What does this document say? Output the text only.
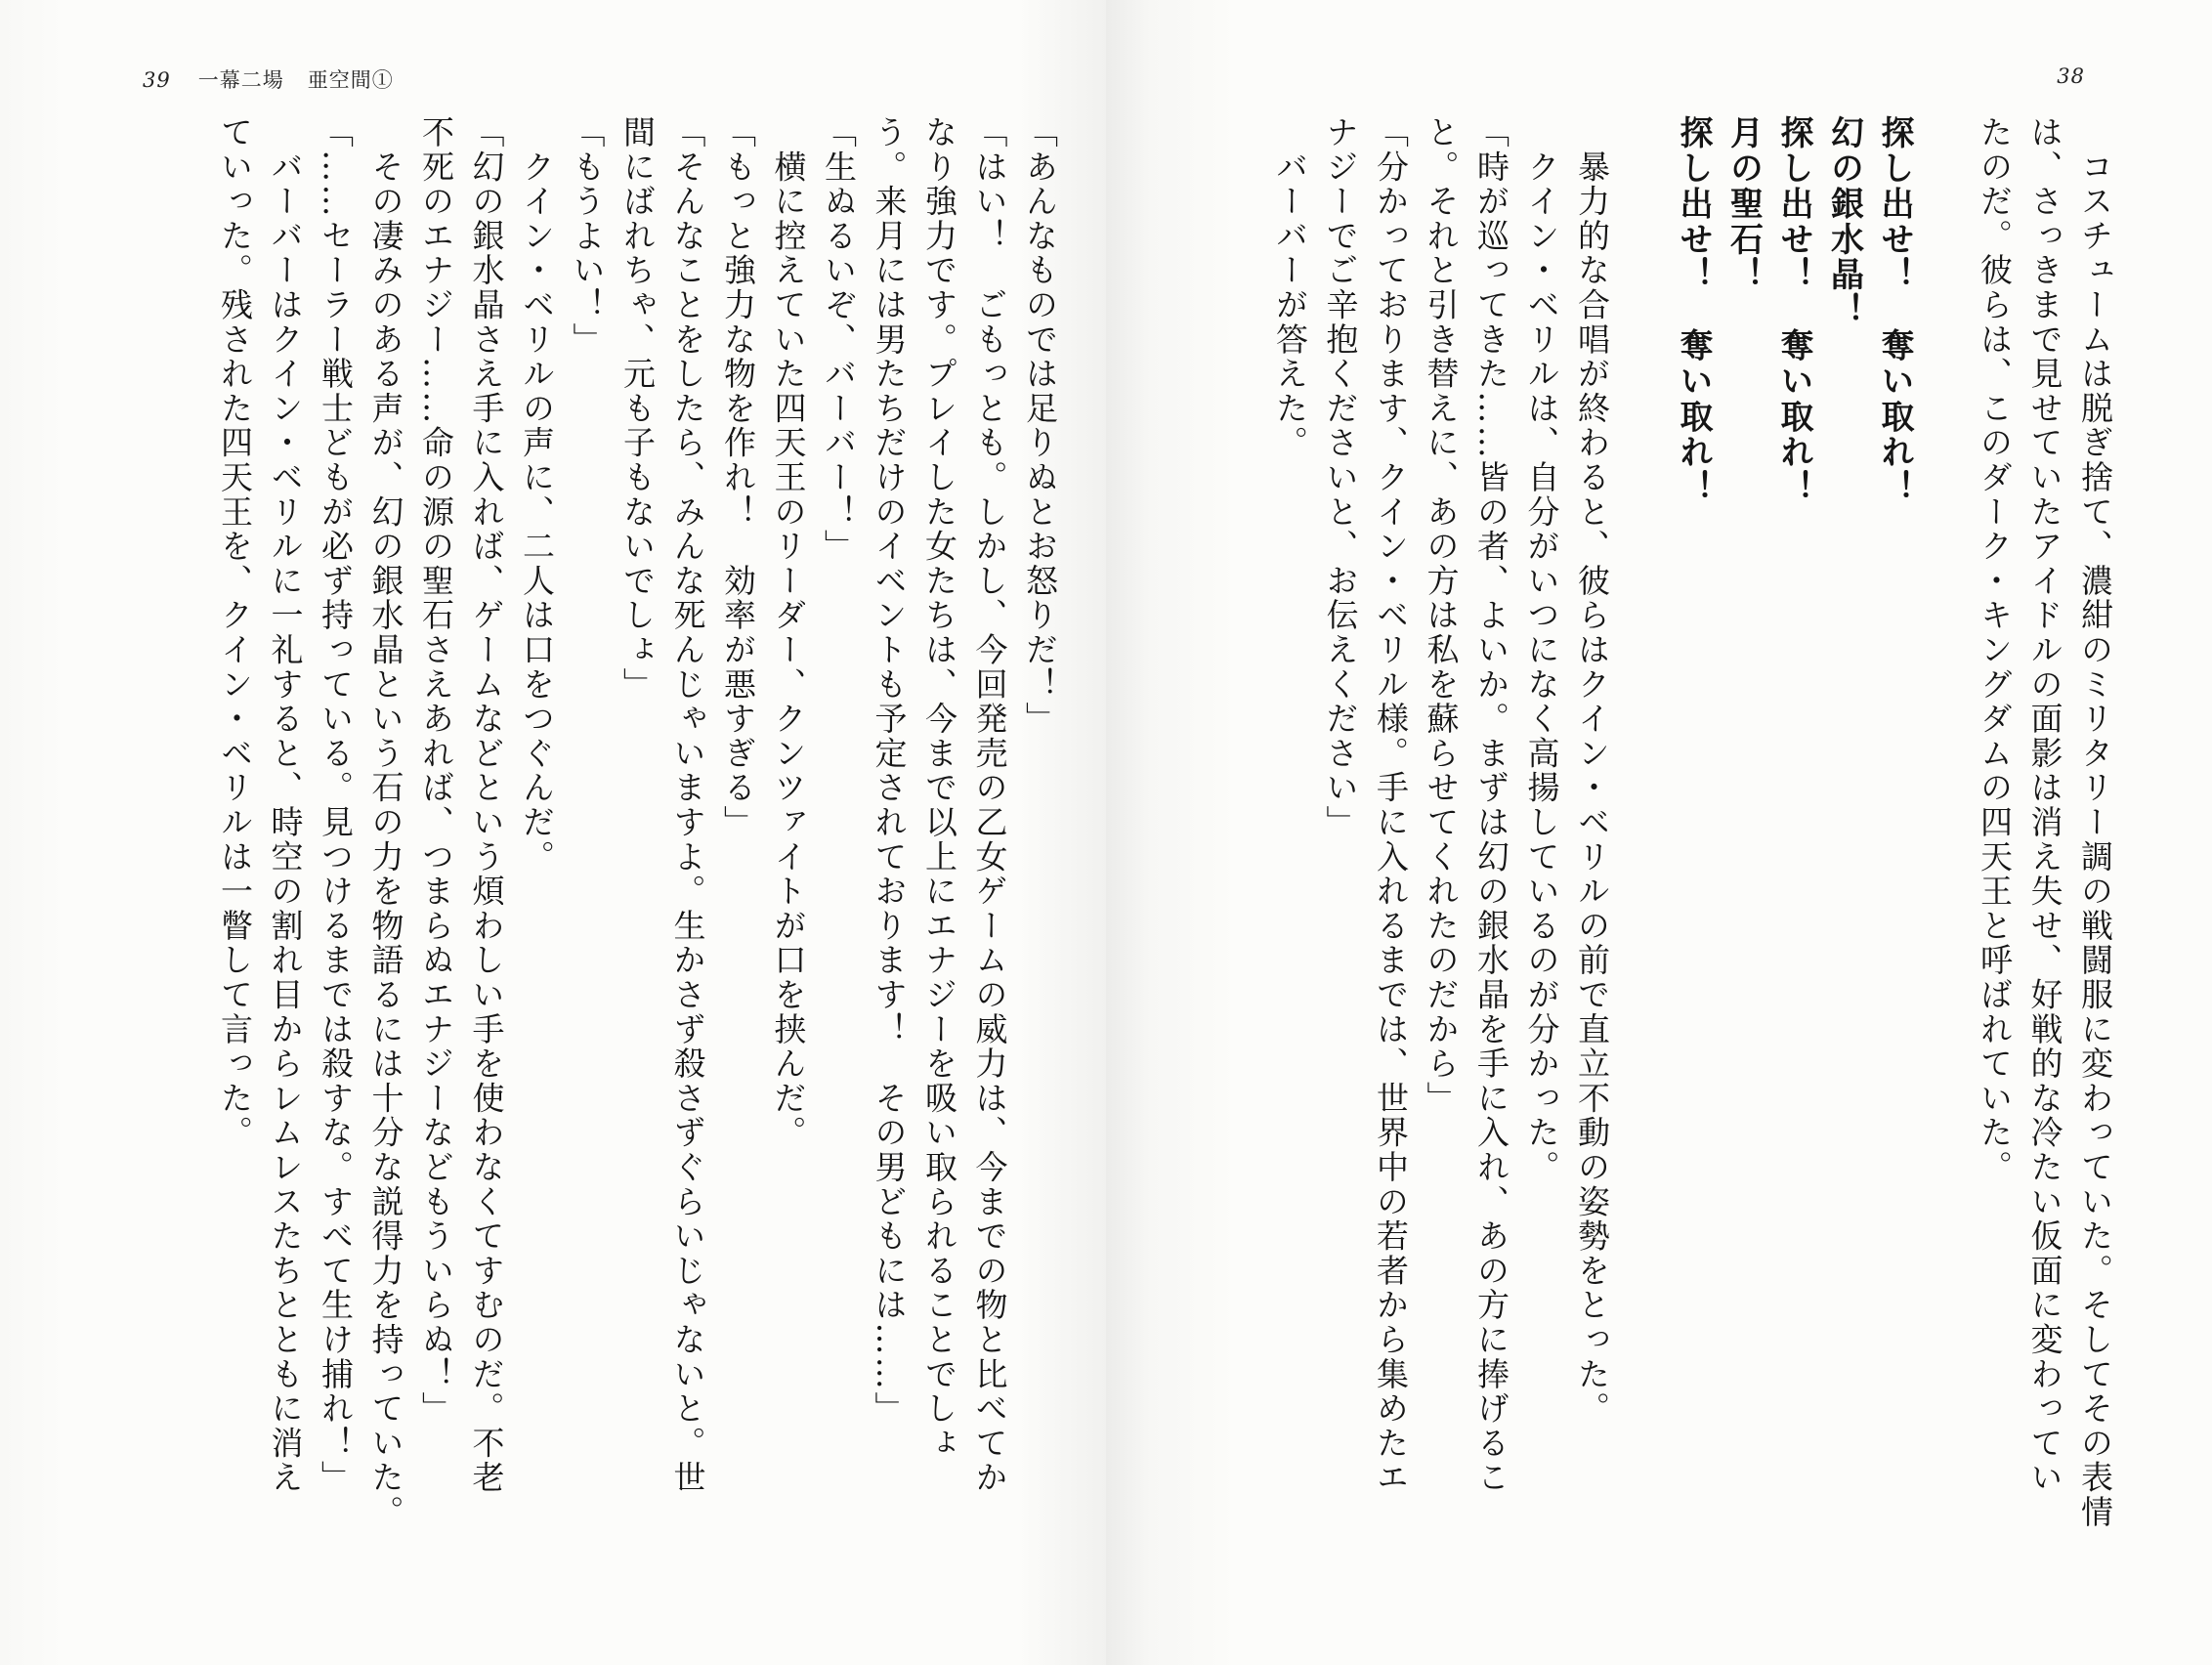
39 一幕二場 亜空間①
「あんなものでは足りぬとお怒りだ！」
「はい！　ごもっとも。しかし、今回発売の乙女ゲームの威力は、今までの物と比べてか
なり強力です。プレイした女たちは、今まで以上にエナジーを吸い取られることでしょ
う。来月には男たちだけのイベントも予定されております！　その男どもには……」
「生ぬるいぞ、バーバー！」
　横に控えていた四天王のリーダー、クンツァイトが口を挟んだ。
「もっと強力な物を作れ！　効率が悪すぎる」
「そんなことをしたら、みんな死んじゃいますよ。生かさず殺さずぐらいじゃないと。世
間にばれちゃ、元も子もないでしょ」
「もうよい！」
　クイン・ベリルの声に、二人は口をつぐんだ。
「幻の銀水晶さえ手に入れば、ゲームなどという煩わしい手を使わなくてすむのだ。不老
不死のエナジー……命の源の聖石さえあれば、つまらぬエナジーなどもういらぬ！」
　その凄みのある声が、幻の銀水晶という石の力を物語るには十分な説得力を持っていた。
「……セーラー戦士どもが必ず持っている。見つけるまでは殺すな。すべて生け捕れ！」
　バーバーはクイン・ベリルに一礼すると、時空の割れ目からレムレスたちとともに消え
ていった。残された四天王を、クイン・ベリルは一瞥して言った。
38
　コスチュームは脱ぎ捨て、濃紺のミリタリー調の戦闘服に変わっていた。そしてその表情
は、さっきまで見せていたアイドルの面影は消え失せ、好戦的な冷たい仮面に変わってい
たのだ。彼らは、このダーク・キングダムの四天王と呼ばれていた。
探し出せ！　奪い取れ！
幻の銀水晶！
探し出せ！　奪い取れ！
月の聖石！
探し出せ！　奪い取れ！
　暴力的な合唱が終わると、彼らはクイン・ベリルの前で直立不動の姿勢をとった。
　クイン・ベリルは、自分がいつになく高揚しているのが分かった。
「時が巡ってきた……皆の者、よいか。まずは幻の銀水晶を手に入れ、あの方に捧げるこ
と。それと引き替えに、あの方は私を蘇らせてくれたのだから」
「分かっております、クイン・ベリル様。手に入れるまでは、世界中の若者から集めたエ
ナジーでご辛抱くださいと、お伝えください」
　バーバーが答えた。
